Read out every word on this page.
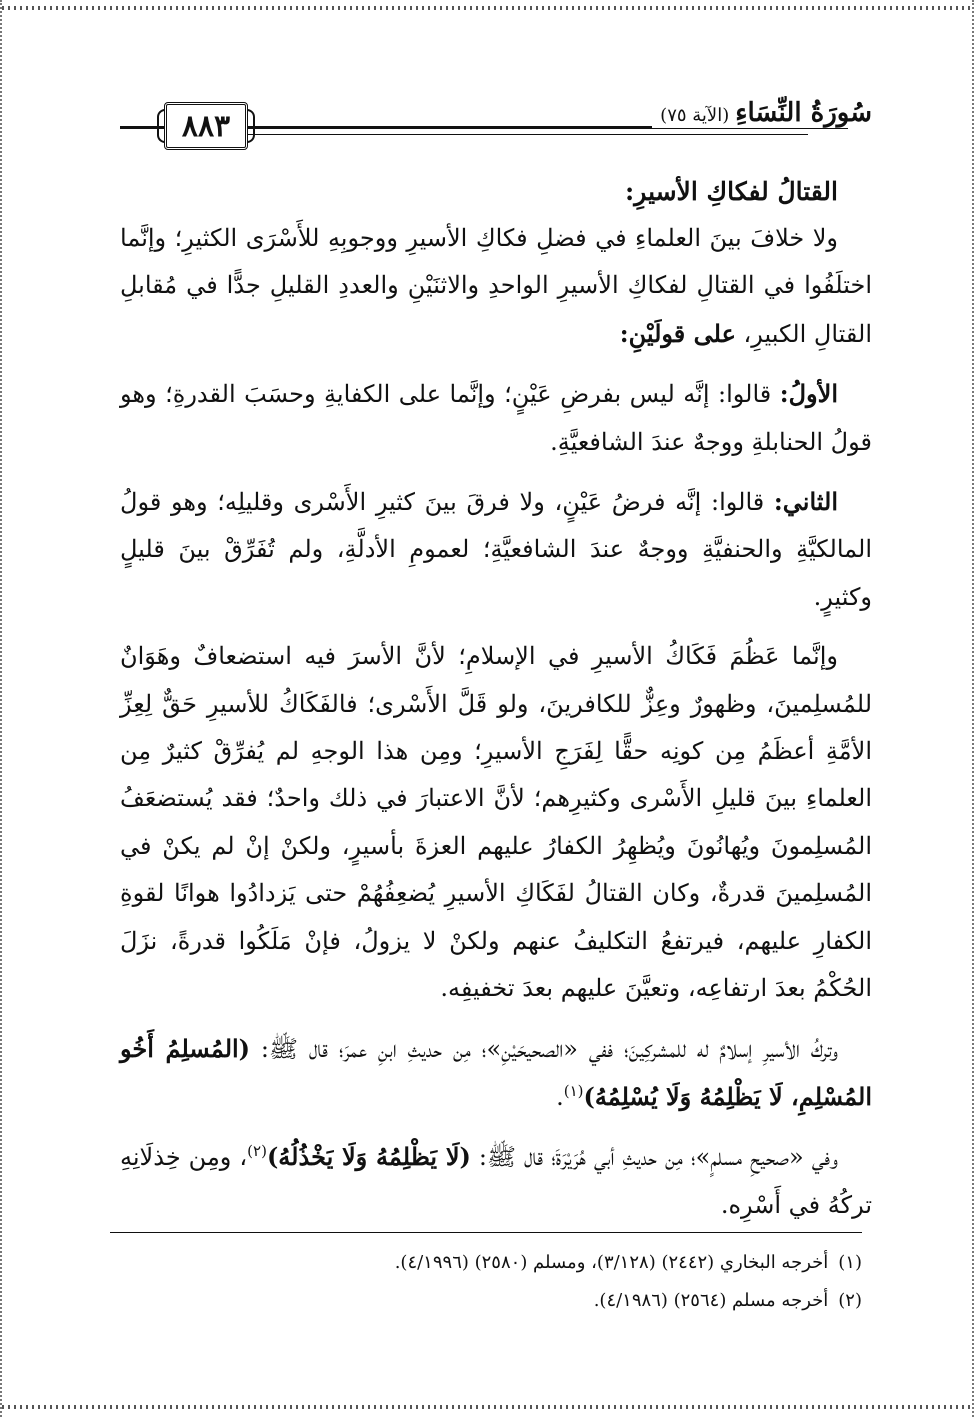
٨٨٣	سُورَةُ النِّسَاءِ(الآية ٧٥)

القتالُ لفكاكِ الأسيرِ:

ولا خلافَ بينَ العلماءِ في فضلِ فكاكِ الأسيرِ ووجوبِهِ للأَسْرَى الكثيرِ؛ وإنَّما اختلَفُوا في القتالِ لفكاكِ الأسيرِ الواحدِ والاثنَيْنِ والعددِ القليلِ جدًّا في مُقابلِ القتالِ الكبيرِ، على قولَيْنِ:

الأولُ: قالوا: إنَّه ليس بفرضِ عَيْنٍ؛ وإنَّما على الكفايةِ وحسَبَ القدرةِ؛ وهو قولُ الحنابلةِ ووجهٌ عندَ الشافعيَّةِ.

الثاني: قالوا: إنَّه فرضُ عَيْنٍ، ولا فرقَ بينَ كثيرِ الأَسْرى وقليلِه؛ وهو قولُ المالكيَّةِ والحنفيَّةِ ووجهٌ عندَ الشافعيَّةِ؛ لعمومِ الأدلَّةِ، ولم تُفَرِّقْ بينَ قليلٍ وكثيرٍ.

وإنَّما عَظُمَ فَكَاكُ الأسيرِ في الإسلامِ؛ لأنَّ الأسرَ فيه استضعافٌ وهَوَانٌ للمُسلِمينَ، وظهورٌ وعِزٌّ للكافرينَ، ولو قَلَّ الأَسْرى؛ فالفَكَاكُ للأسيرِ حَقٌّ لِعِزِّ الأمَّةِ أعظَمُ مِن كونِه حقًّا لِفَرَجِ الأسيرِ؛ ومِن هذا الوجهِ لم يُفرِّقْ كثيرٌ مِن العلماءِ بينَ قليلِ الأَسْرى وكثيرِهم؛ لأنَّ الاعتبارَ في ذلك واحدٌ؛ فقد يُستضعَفُ المُسلِمونَ ويُهانُونَ ويُظهِرُ الكفارُ عليهم العزةَ بأسيرٍ، ولكنْ إنْ لم يكنْ في المُسلِمينَ قدرةٌ، وكان القتالُ لفَكَاكِ الأسيرِ يُضعِفُهُمْ حتى يَزدادُوا هوانًا لقوةِ الكفارِ عليهم، فيرتفعُ التكليفُ عنهم ولكنْ لا يزولُ، فإنْ مَلَكُوا قدرةً، نزَلَ الحُكْمُ بعدَ ارتفاعِه، وتعيَّنَ عليهم بعدَ تخفيفِه.

وتركُ الأسيرِ إسلامٌ له للمشركِينَ؛ ففي «الصحيحَيْنِ»؛ مِن حديثِ ابنِ عمرَ؛ قال ﷺ: (المُسلِمُ أَخُو المُسْلِمِ، لَا يَظْلِمُهُ وَلَا يُسْلِمُهُ)$^{(١)}$.

وفي «صحيحِ مسلمٍ»؛ مِن حديثِ أبي هُرَيْرَةَ؛ قال ﷺ: (لَا يَظْلِمُهُ وَلَا يَخْذُلُهُ)$^{(٢)}$، ومِن خِذلَانِهِ تركُهُ في أَسْرِه.

(١)أخرجه البخاري (٢٤٤٢) (٣/١٢٨)، ومسلم (٢٥٨٠) (٤/١٩٩٦).

(٢)أخرجه مسلم (٢٥٦٤) (٤/١٩٨٦).
